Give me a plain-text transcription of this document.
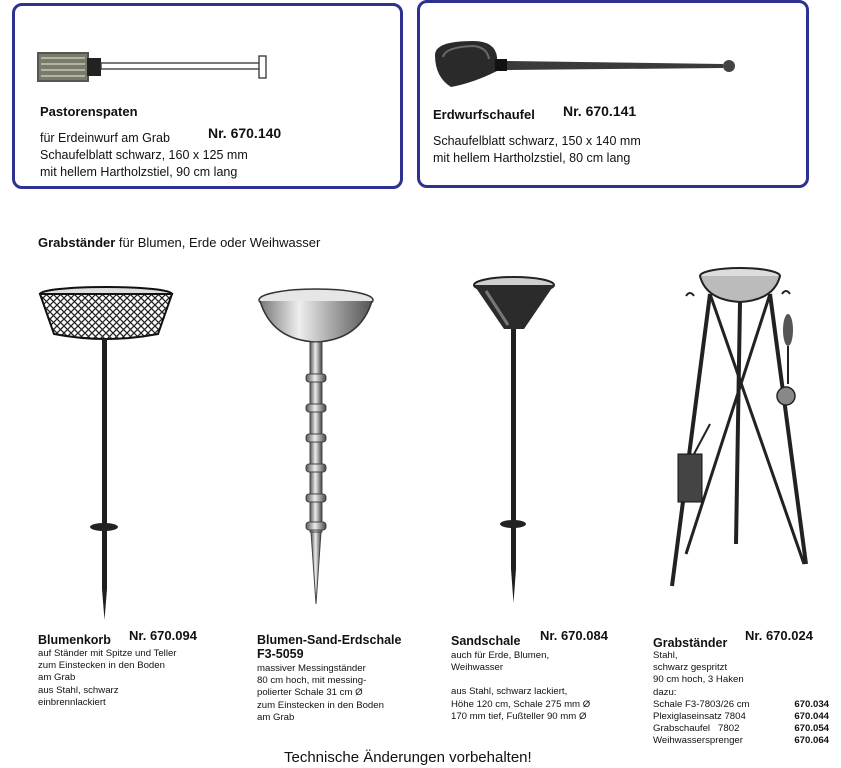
Pastorenspaten
Nr. 670.140
für Erdeinwurf am Grab
Schaufelblatt schwarz, 160 x 125 mm
mit hellem Hartholzstiel, 90 cm lang
Erdwurfschaufel Nr. 670.141
Schaufelblatt schwarz, 150 x 140 mm
mit hellem Hartholzstiel, 80 cm lang
Grabständer für Blumen, Erde oder Weihwasser
Blumenkorb Nr. 670.094
auf Ständer mit Spitze und Teller
zum Einstecken in den Boden
am Grab
aus Stahl, schwarz
einbrennlackiert
Blumen-Sand-Erdschale
F3-5059
massiver Messingständer
80 cm hoch, mit messing-
polierter Schale 31 cm Ø
zum Einstecken in den Boden
am Grab
Sandschale Nr. 670.084
auch für Erde, Blumen,
Weihwasser
aus Stahl, schwarz lackiert,
Höhe 120 cm, Schale 275 mm Ø
170 mm tief, Fußteller 90 mm Ø
Grabständer Nr. 670.024
Stahl,
schwarz gespritzt
90 cm hoch, 3 Haken
dazu:
Schale F3-7803/26 cm	670.034
Plexiglaseinsatz 7804	670.044
Grabschaufel   7802	670.054
Weihwassersprenger	670.064
Technische Änderungen vorbehalten!
